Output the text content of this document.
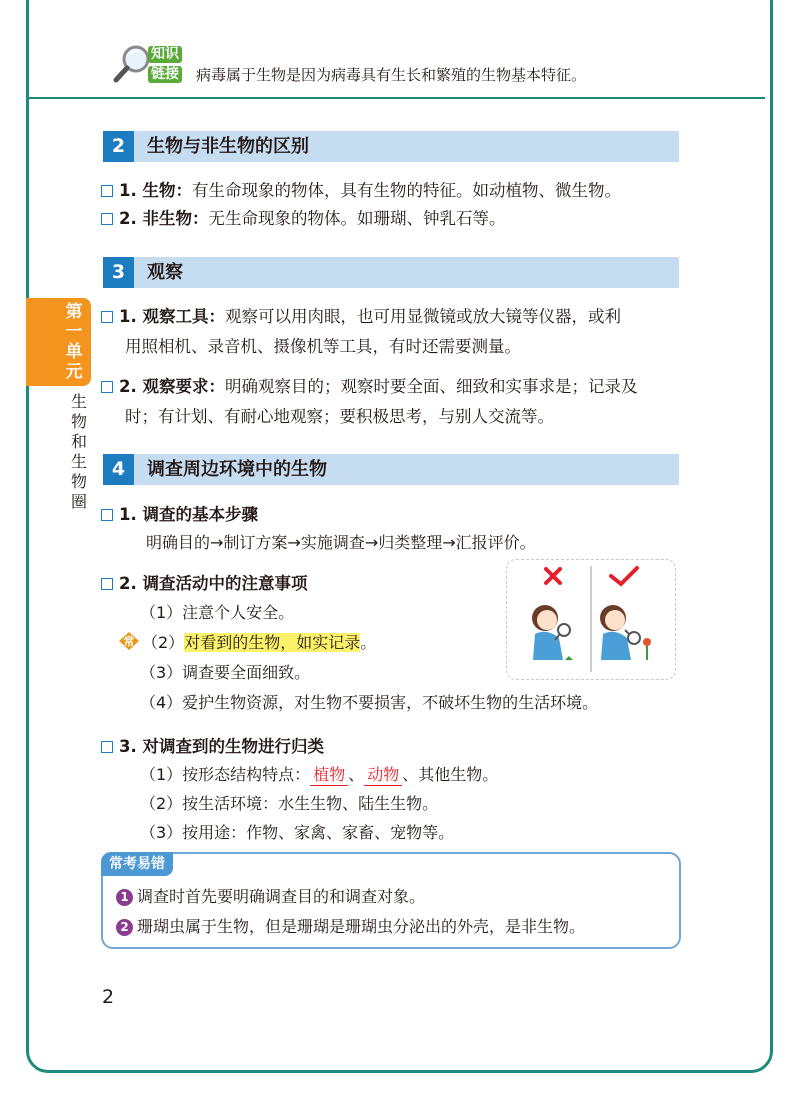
知识
链接 病毒属于生物是因为病毒具有生长和繁殖的生物基本特征。
第
一
单
元
生
物
和
生
物
圈
2	生物与非生物的区别
1. 生物：有生命现象的物体，具有生物的特征。如动植物、微生物。
2. 非生物：无生命现象的物体。如珊瑚、钟乳石等。
3	观察
1. 观察工具：观察可以用肉眼，也可用显微镜或放大镜等仪器，或利
用照相机、录音机、摄像机等工具，有时还需要测量。
2. 观察要求：明确观察目的；观察时要全面、细致和实事求是；记录及
时；有计划、有耐心地观察；要积极思考，与别人交流等。
4	调查周边环境中的生物
1. 调查的基本步骤
明确目的→制订方案→实施调查→归类整理→汇报评价。
2. 调查活动中的注意事项
（1）注意个人安全。
常 （2）对看到的生物，如实记录。
（3）调查要全面细致。
（4）爱护生物资源，对生物不要损害，不破坏生物的生活环境。
3. 对调查到的生物进行归类
（1）按形态结构特点： 植物 、 动物 、其他生物。
（2）按生活环境：水生生物、陆生生物。
（3）按用途：作物、家禽、家畜、宠物等。
常考易错
1 调查时首先要明确调查目的和调查对象。
2 珊瑚虫属于生物，但是珊瑚是珊瑚虫分泌出的外壳，是非生物。
2
